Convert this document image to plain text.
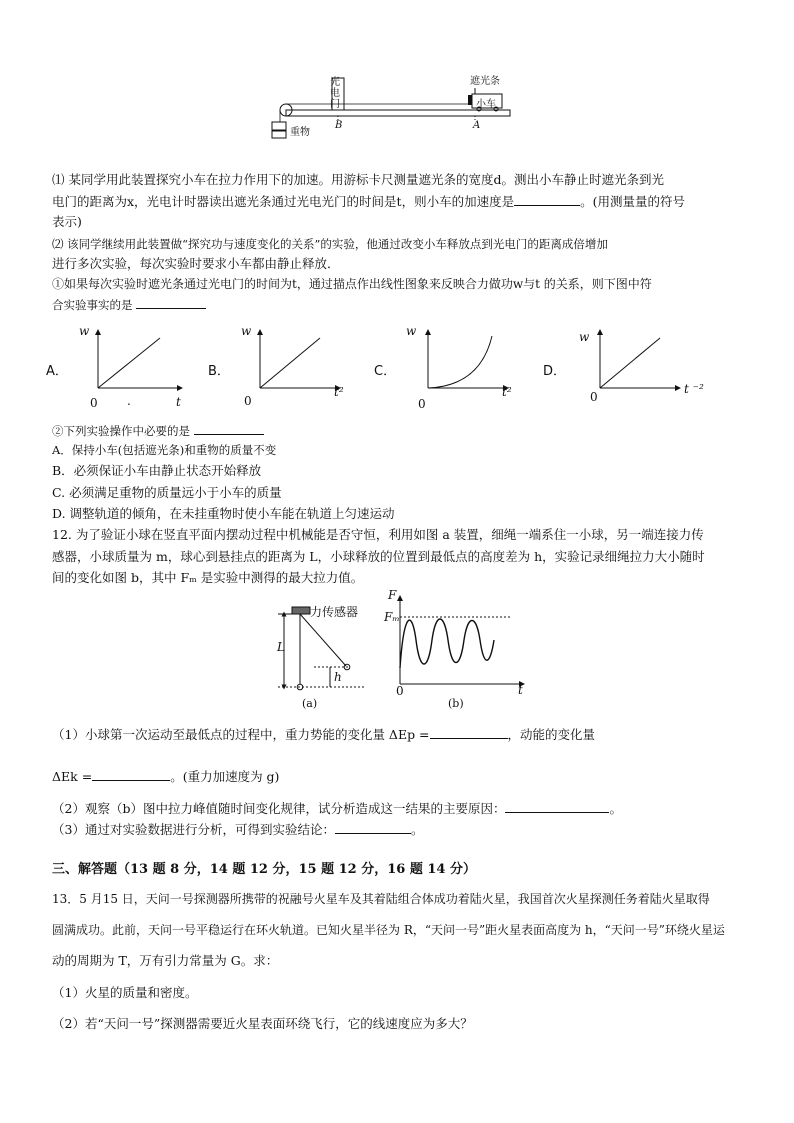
光电门
遮光条
小车
重物
B	A
⑴ 某同学用此装置探究小车在拉力作用下的加速。用游标卡尺测量遮光条的宽度d。测出小车静止时遮光条到光
电门的距离为x，光电计时器读出遮光条通过光电光门的时间是t，则小车的加速度是	。(用测量量的符号
表示)
⑵ 该同学继续用此装置做“探究功与速度变化的关系”的实验，他通过改变小车释放点到光电门的距离成倍增加
进行多次实验，每次实验时要求小车都由静止释放．
①如果每次实验时遮光条通过光电门的时间为t，通过描点作出线性图象来反映合力做功w与t 的关系，则下图中符
合实验事实的是
A．
w
t
0 .
B．
w
t²
0
C．
w
t²
0
D．
w
t ⁻²
0
②下列实验操作中必要的是
A．保持小车(包括遮光条)和重物的质量不变
B．必须保证小车由静止状态开始释放
C. 必须满足重物的质量远小于小车的质量
D. 调整轨道的倾角，在未挂重物时使小车能在轨道上匀速运动
12. 为了验证小球在竖直平面内摆动过程中机械能是否守恒，利用如图 a 装置，细绳一端系住一小球，另一端连接力传
感器，小球质量为 m，球心到悬挂点的距离为 L，小球释放的位置到最低点的高度差为 h，实验记录细绳拉力大小随时
间的变化如图 b，其中 Fₘ 是实验中测得的最大拉力值。
力传感器
L
h
(a)
F
Fₘ
0	t
(b)
（1）小球第一次运动至最低点的过程中，重力势能的变化量 ΔEp =	，动能的变化量
ΔEk =	。(重力加速度为 g)
（2）观察（b）图中拉力峰值随时间变化规律，试分析造成这一结果的主要原因：	。
（3）通过对实验数据进行分析，可得到实验结论：	。
三、解答题（13 题 8 分，14 题 12 分，15 题 12 分，16 题 14 分）
13．5 月15 日，天问一号探测器所携带的祝融号火星车及其着陆组合体成功着陆火星，我国首次火星探测任务着陆火星取得
圆满成功。此前，天问一号平稳运行在环火轨道。已知火星半径为 R，“天问一号”距火星表面高度为 h，“天问一号”环绕火星运
动的周期为 T，万有引力常量为 G。求：
（1）火星的质量和密度。
（2）若“天问一号”探测器需要近火星表面环绕飞行，它的线速度应为多大？
